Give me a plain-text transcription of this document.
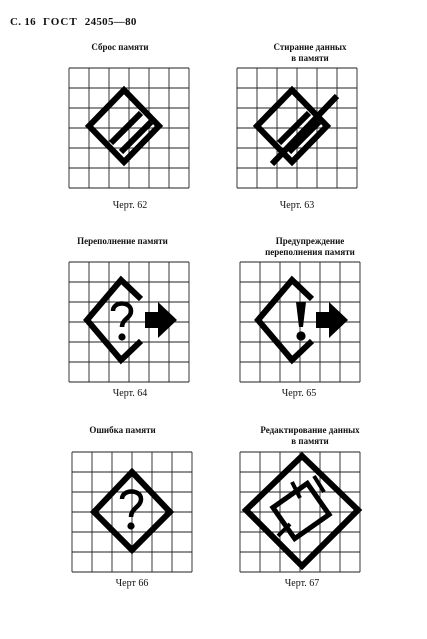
С. 16 ГОСТ 24505—80
Сброс памяти
Черт. 62
Стирание данных
в памяти
Черт. 63
Переполнение памяти
Черт. 64
Предупреждение
переполнения памяти
Черт. 65
Ошибка памяти
Черт 66
Редактирование данных
в памяти
Черт. 67
